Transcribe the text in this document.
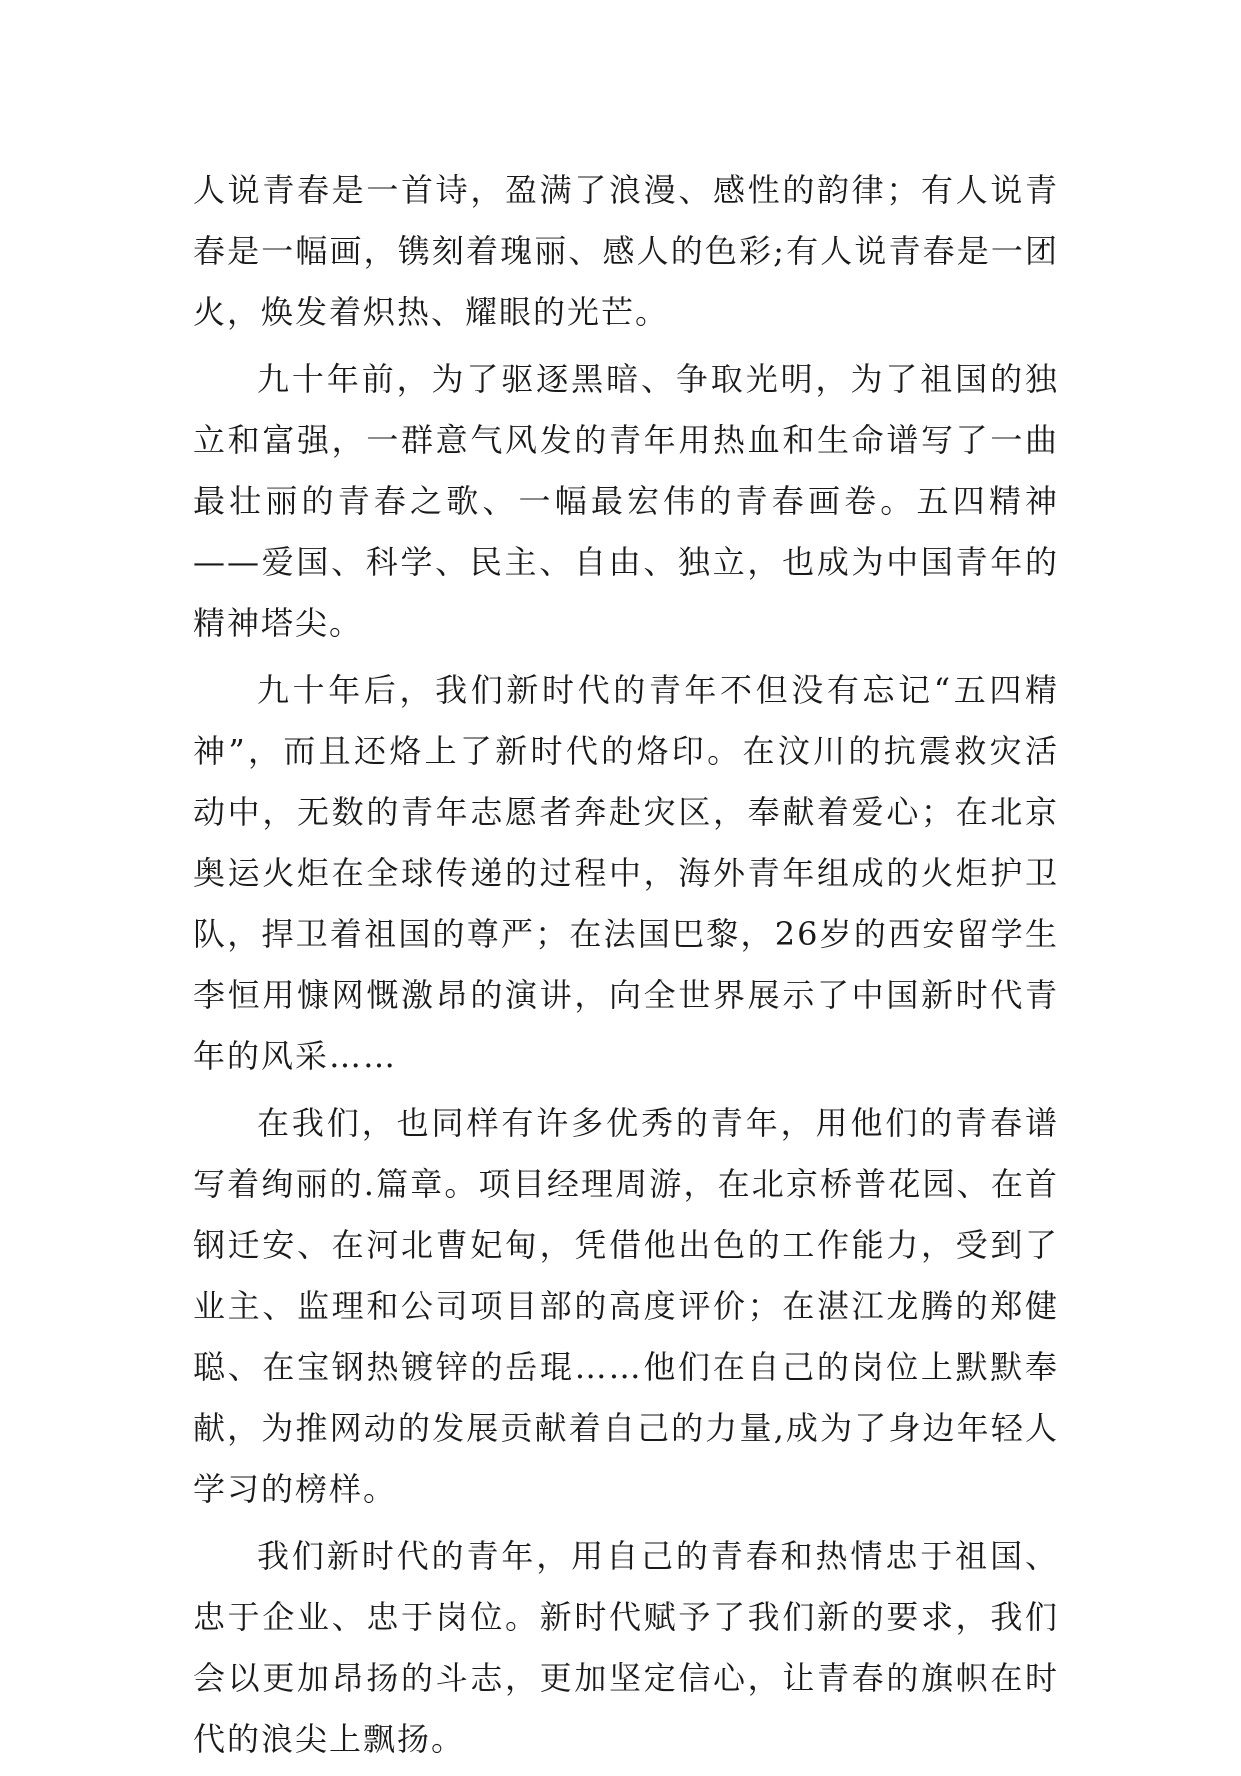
人说青春是一首诗，盈满了浪漫、感性的韵律；有人说青春是一幅画，镌刻着瑰丽、感人的色彩;有人说青春是一团火，焕发着炽热、耀眼的光芒。

九十年前，为了驱逐黑暗、争取光明，为了祖国的独立和富强，一群意气风发的青年用热血和生命谱写了一曲最壮丽的青春之歌、一幅最宏伟的青春画卷。五四精神——爱国、科学、民主、自由、独立，也成为中国青年的精神塔尖。

九十年后，我们新时代的青年不但没有忘记“五四精神”，而且还烙上了新时代的烙印。在汶川的抗震救灾活动中，无数的青年志愿者奔赴灾区，奉献着爱心；在北京奥运火炬在全球传递的过程中，海外青年组成的火炬护卫队，捍卫着祖国的尊严；在法国巴黎，26岁的西安留学生李恒用慷网慨激昂的演讲，向全世界展示了中国新时代青年的风采……

在我们，也同样有许多优秀的青年，用他们的青春谱写着绚丽的.篇章。项目经理周游，在北京桥普花园、在首钢迁安、在河北曹妃甸，凭借他出色的工作能力，受到了业主、监理和公司项目部的高度评价；在湛江龙腾的郑健聪、在宝钢热镀锌的岳琨……他们在自己的岗位上默默奉献，为推网动的发展贡献着自己的力量,成为了身边年轻人学习的榜样。

我们新时代的青年，用自己的青春和热情忠于祖国、忠于企业、忠于岗位。新时代赋予了我们新的要求，我们会以更加昂扬的斗志，更加坚定信心，让青春的旗帜在时代的浪尖上飘扬。
